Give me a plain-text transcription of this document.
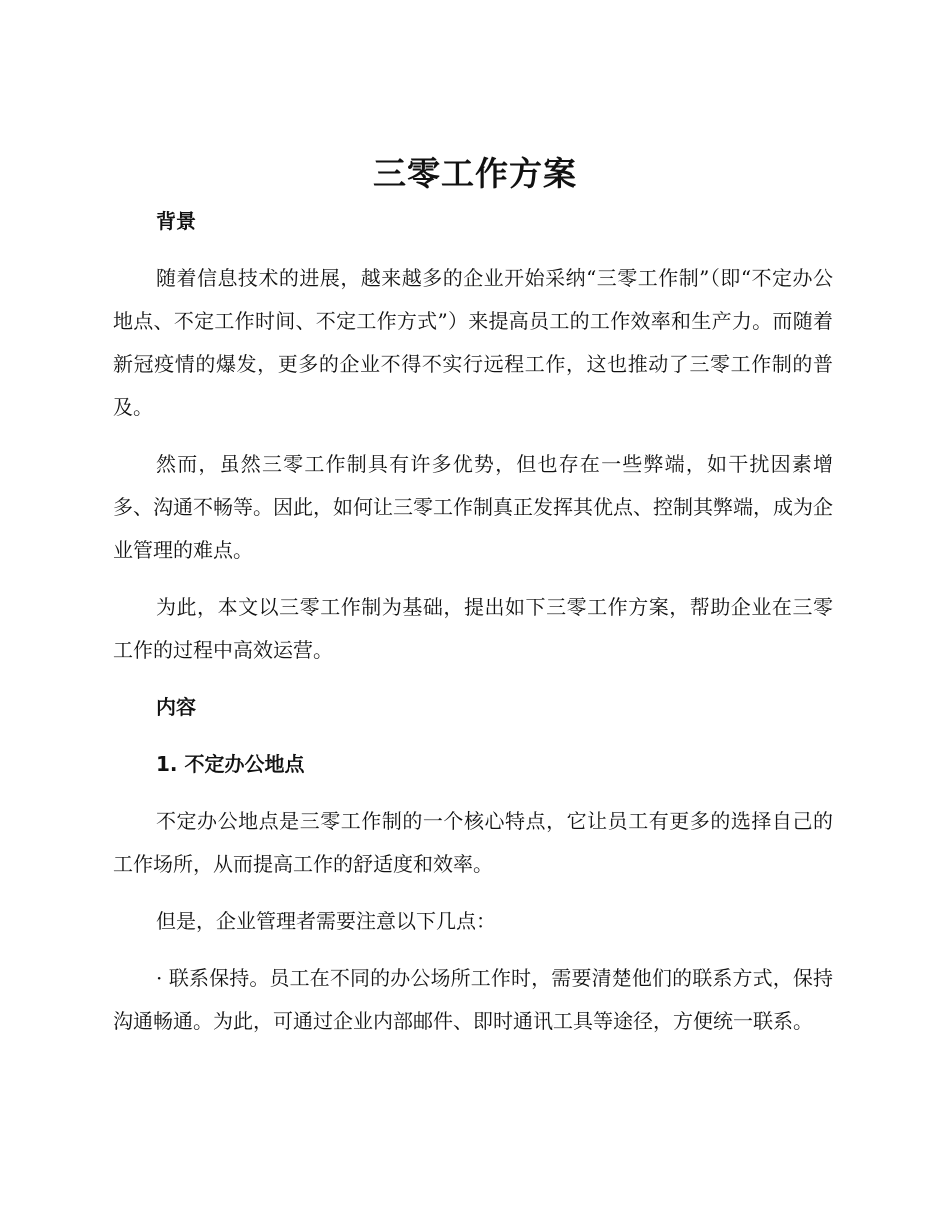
三零工作方案
背景

随着信息技术的进展，越来越多的企业开始采纳“三零工作制”（即“不定办公地点、不定工作时间、不定工作方式”）来提高员工的工作效率和生产力。而随着新冠疫情的爆发，更多的企业不得不实行远程工作，这也推动了三零工作制的普及。

然而，虽然三零工作制具有许多优势，但也存在一些弊端，如干扰因素增多、沟通不畅等。因此，如何让三零工作制真正发挥其优点、控制其弊端，成为企业管理的难点。

为此，本文以三零工作制为基础，提出如下三零工作方案，帮助企业在三零工作的过程中高效运营。

内容
1. 不定办公地点

不定办公地点是三零工作制的一个核心特点，它让员工有更多的选择自己的工作场所，从而提高工作的舒适度和效率。

但是，企业管理者需要注意以下几点：

· 联系保持。员工在不同的办公场所工作时，需要清楚他们的联系方式，保持沟通畅通。为此，可通过企业内部邮件、即时通讯工具等途径，方便统一联系。
